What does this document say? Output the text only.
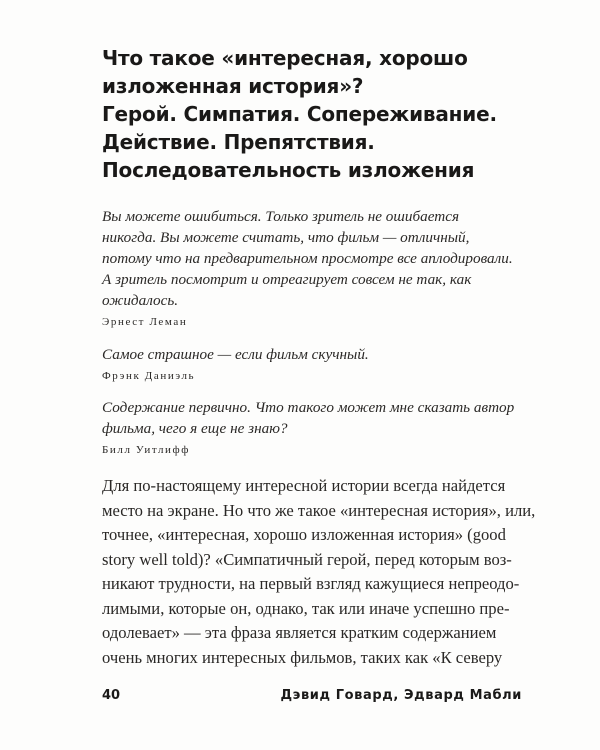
Что такое «интересная, хорошо
изложенная история»?
Герой. Симпатия. Сопереживание.
Действие. Препятствия.
Последовательность изложения
Вы можете ошибиться. Только зритель не ошибается
никогда. Вы можете считать, что фильм — отличный,
потому что на предварительном просмотре все аплодировали.
А зритель посмотрит и отреагирует совсем не так, как
ожидалось.
Эрнест Леман
Самое страшное — если фильм скучный.
Фрэнк Даниэль
Содержание первично. Что такого может мне сказать автор
фильма, чего я еще не знаю?
Билл Уитлифф
Для по-настоящему интересной истории всегда найдется
место на экране. Но что же такое «интересная история», или,
точнее, «интересная, хорошо изложенная история» (good
story well told)? «Симпатичный герой, перед которым воз-
никают трудности, на первый взгляд кажущиеся непреодо-
лимыми, которые он, однако, так или иначе успешно пре-
одолевает» — эта фраза является кратким содержанием
очень многих интересных фильмов, таких как «К северу
40	Дэвид Говард, Эдвард Мабли
